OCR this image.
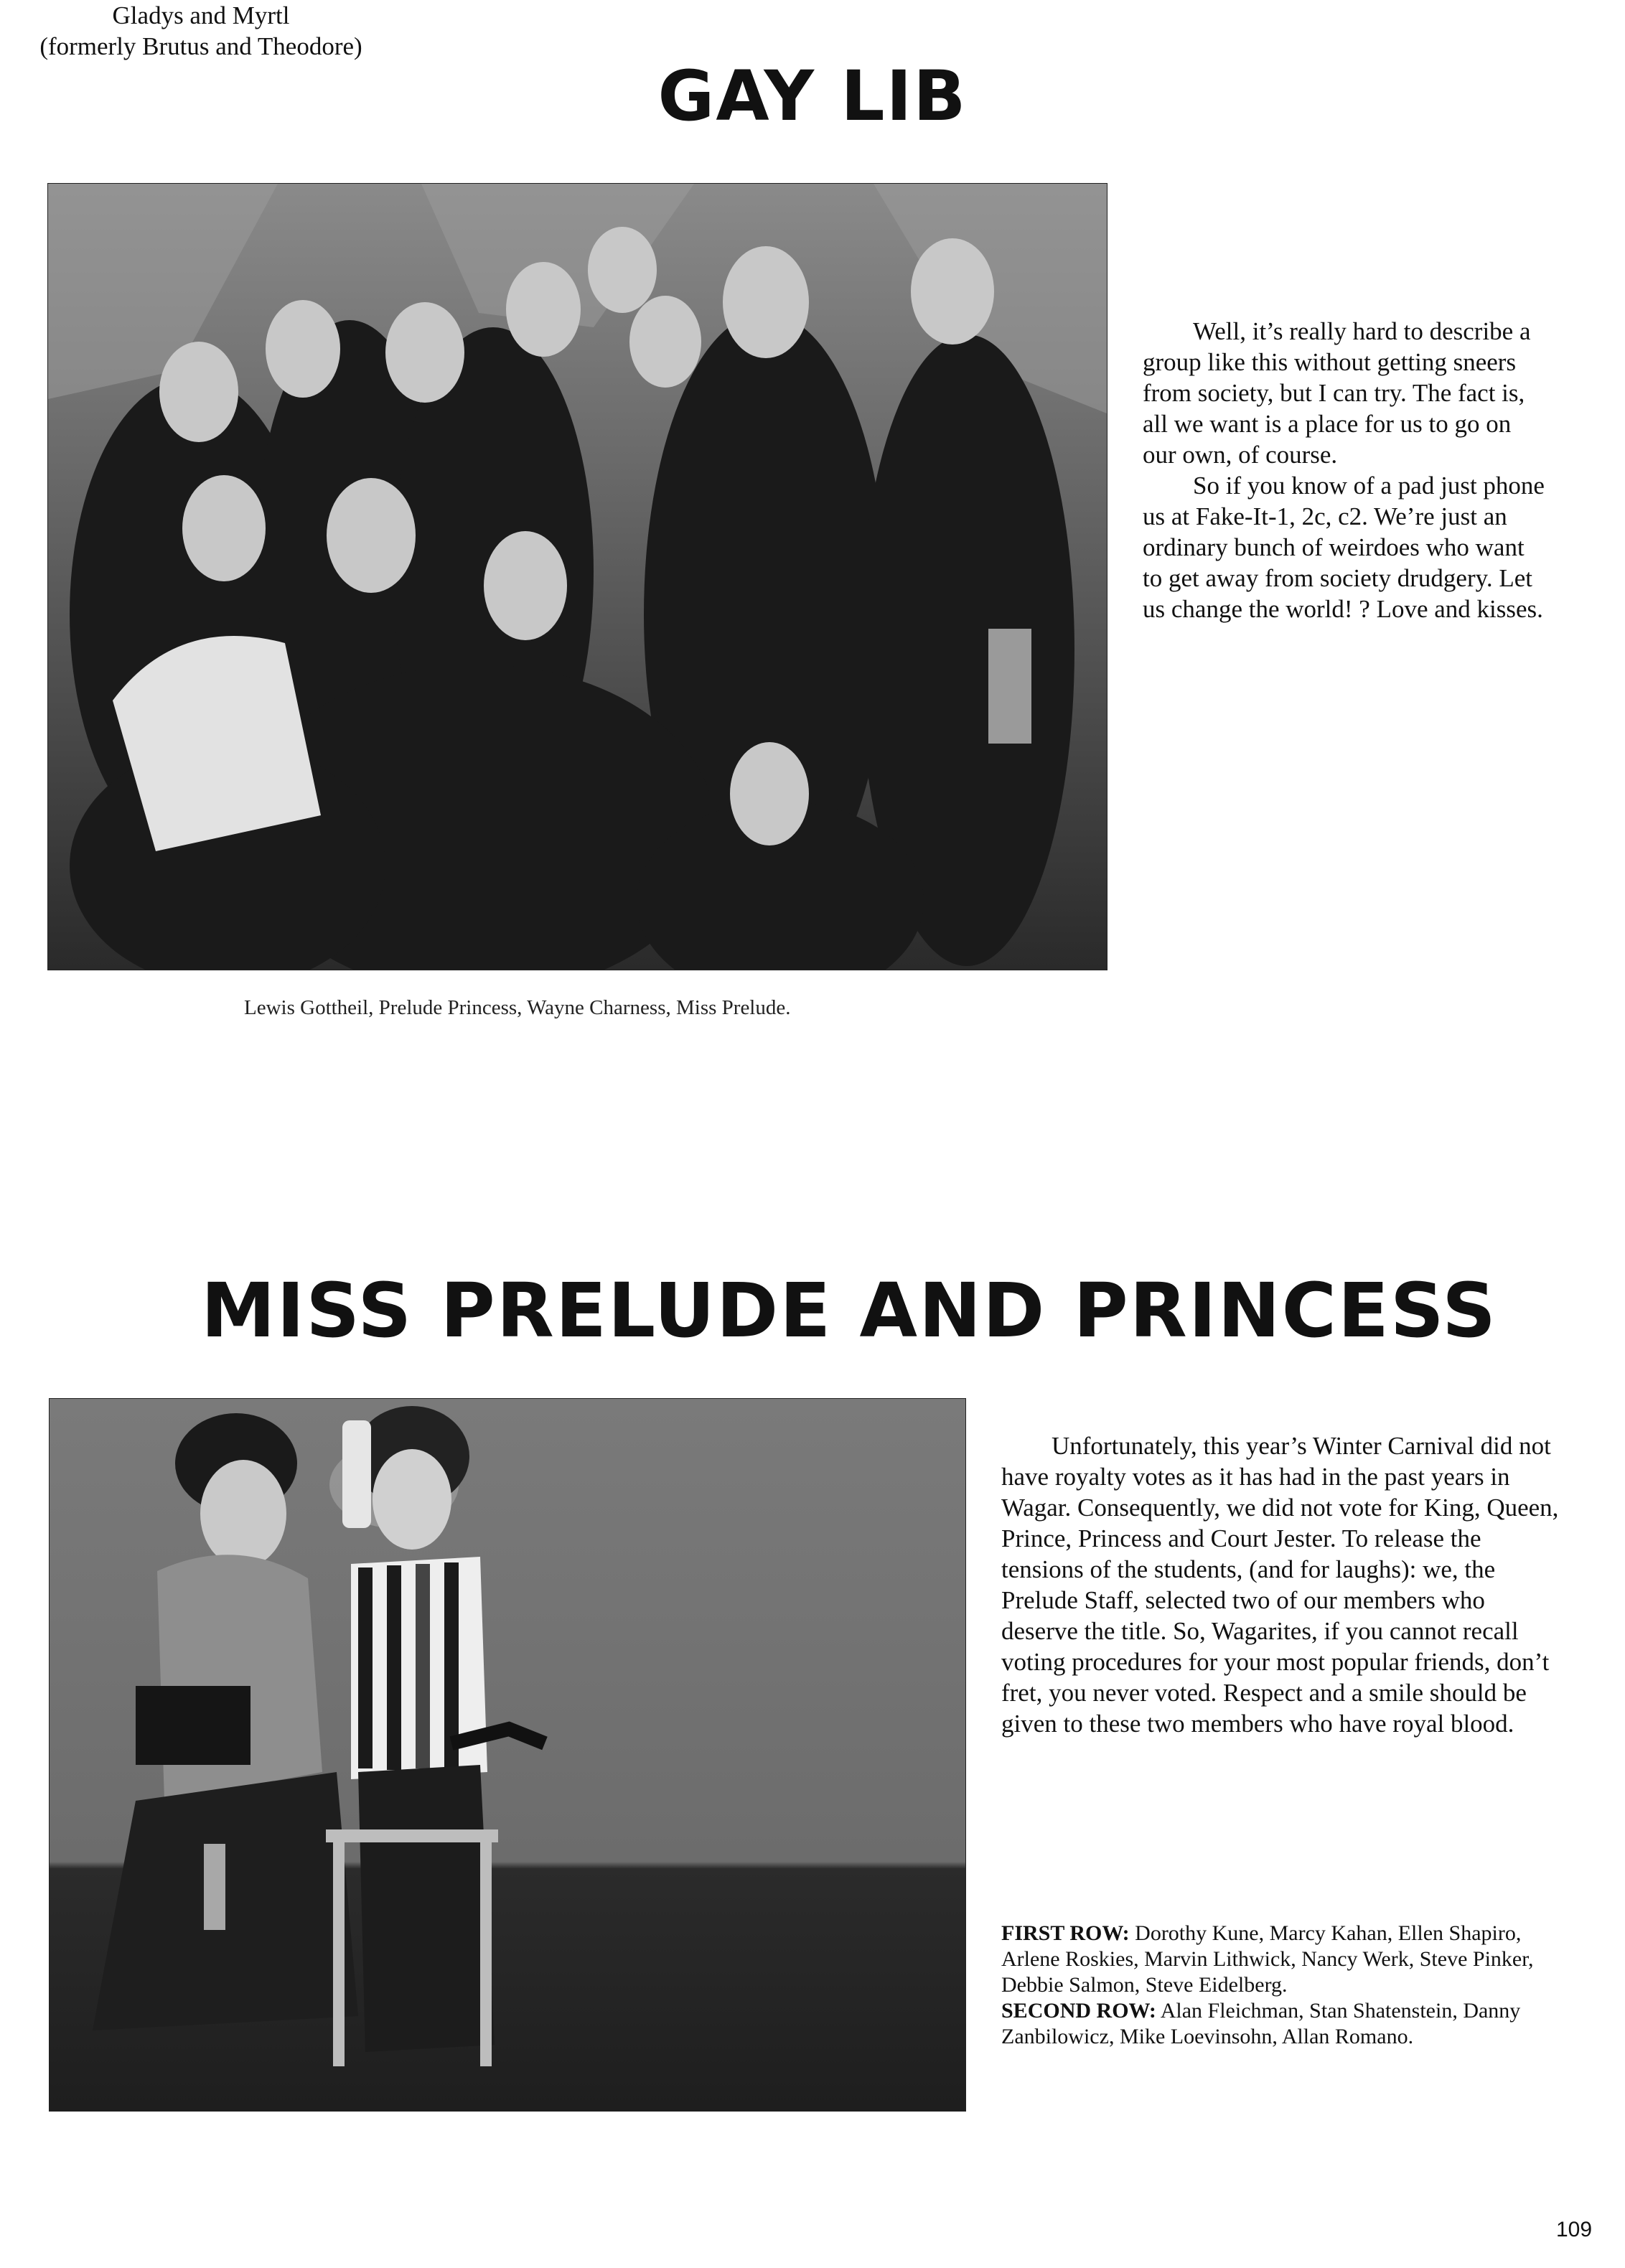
GAY LIB

Well, it’s really hard to describe a group like this without getting sneers from society, but I can try. The fact is, all we want is a place for us to go on our own, of course.

So if you know of a pad just phone us at Fake-It-1, 2c, c2. We’re just an ordinary bunch of weirdoes who want to get away from society drudgery. Let us change the world! ? Love and kisses.

Gladys and Myrtl
(formerly Brutus and Theodore)
Lewis Gottheil, Prelude Princess, Wayne Charness, Miss Prelude.
MISS PRELUDE AND PRINCESS

Unfortunately, this year’s Winter Carnival did not have royalty votes as it has had in the past years in Wagar. Consequently, we did not vote for King, Queen, Prince, Princess and Court Jester. To release the tensions of the students, (and for laughs): we, the Prelude Staff, selected two of our members who deserve the title. So, Wagarites, if you cannot recall voting procedures for your most popular friends, don’t fret, you never voted. Respect and a smile should be given to these two members who have royal blood.

FIRST ROW: Dorothy Kune, Marcy Kahan, Ellen Shapiro, Arlene Roskies, Marvin Lithwick, Nancy Werk, Steve Pinker, Debbie Salmon, Steve Eidelberg.
SECOND ROW: Alan Fleichman, Stan Shatenstein, Danny Zanbilowicz, Mike Loevinsohn, Allan Romano.
109
